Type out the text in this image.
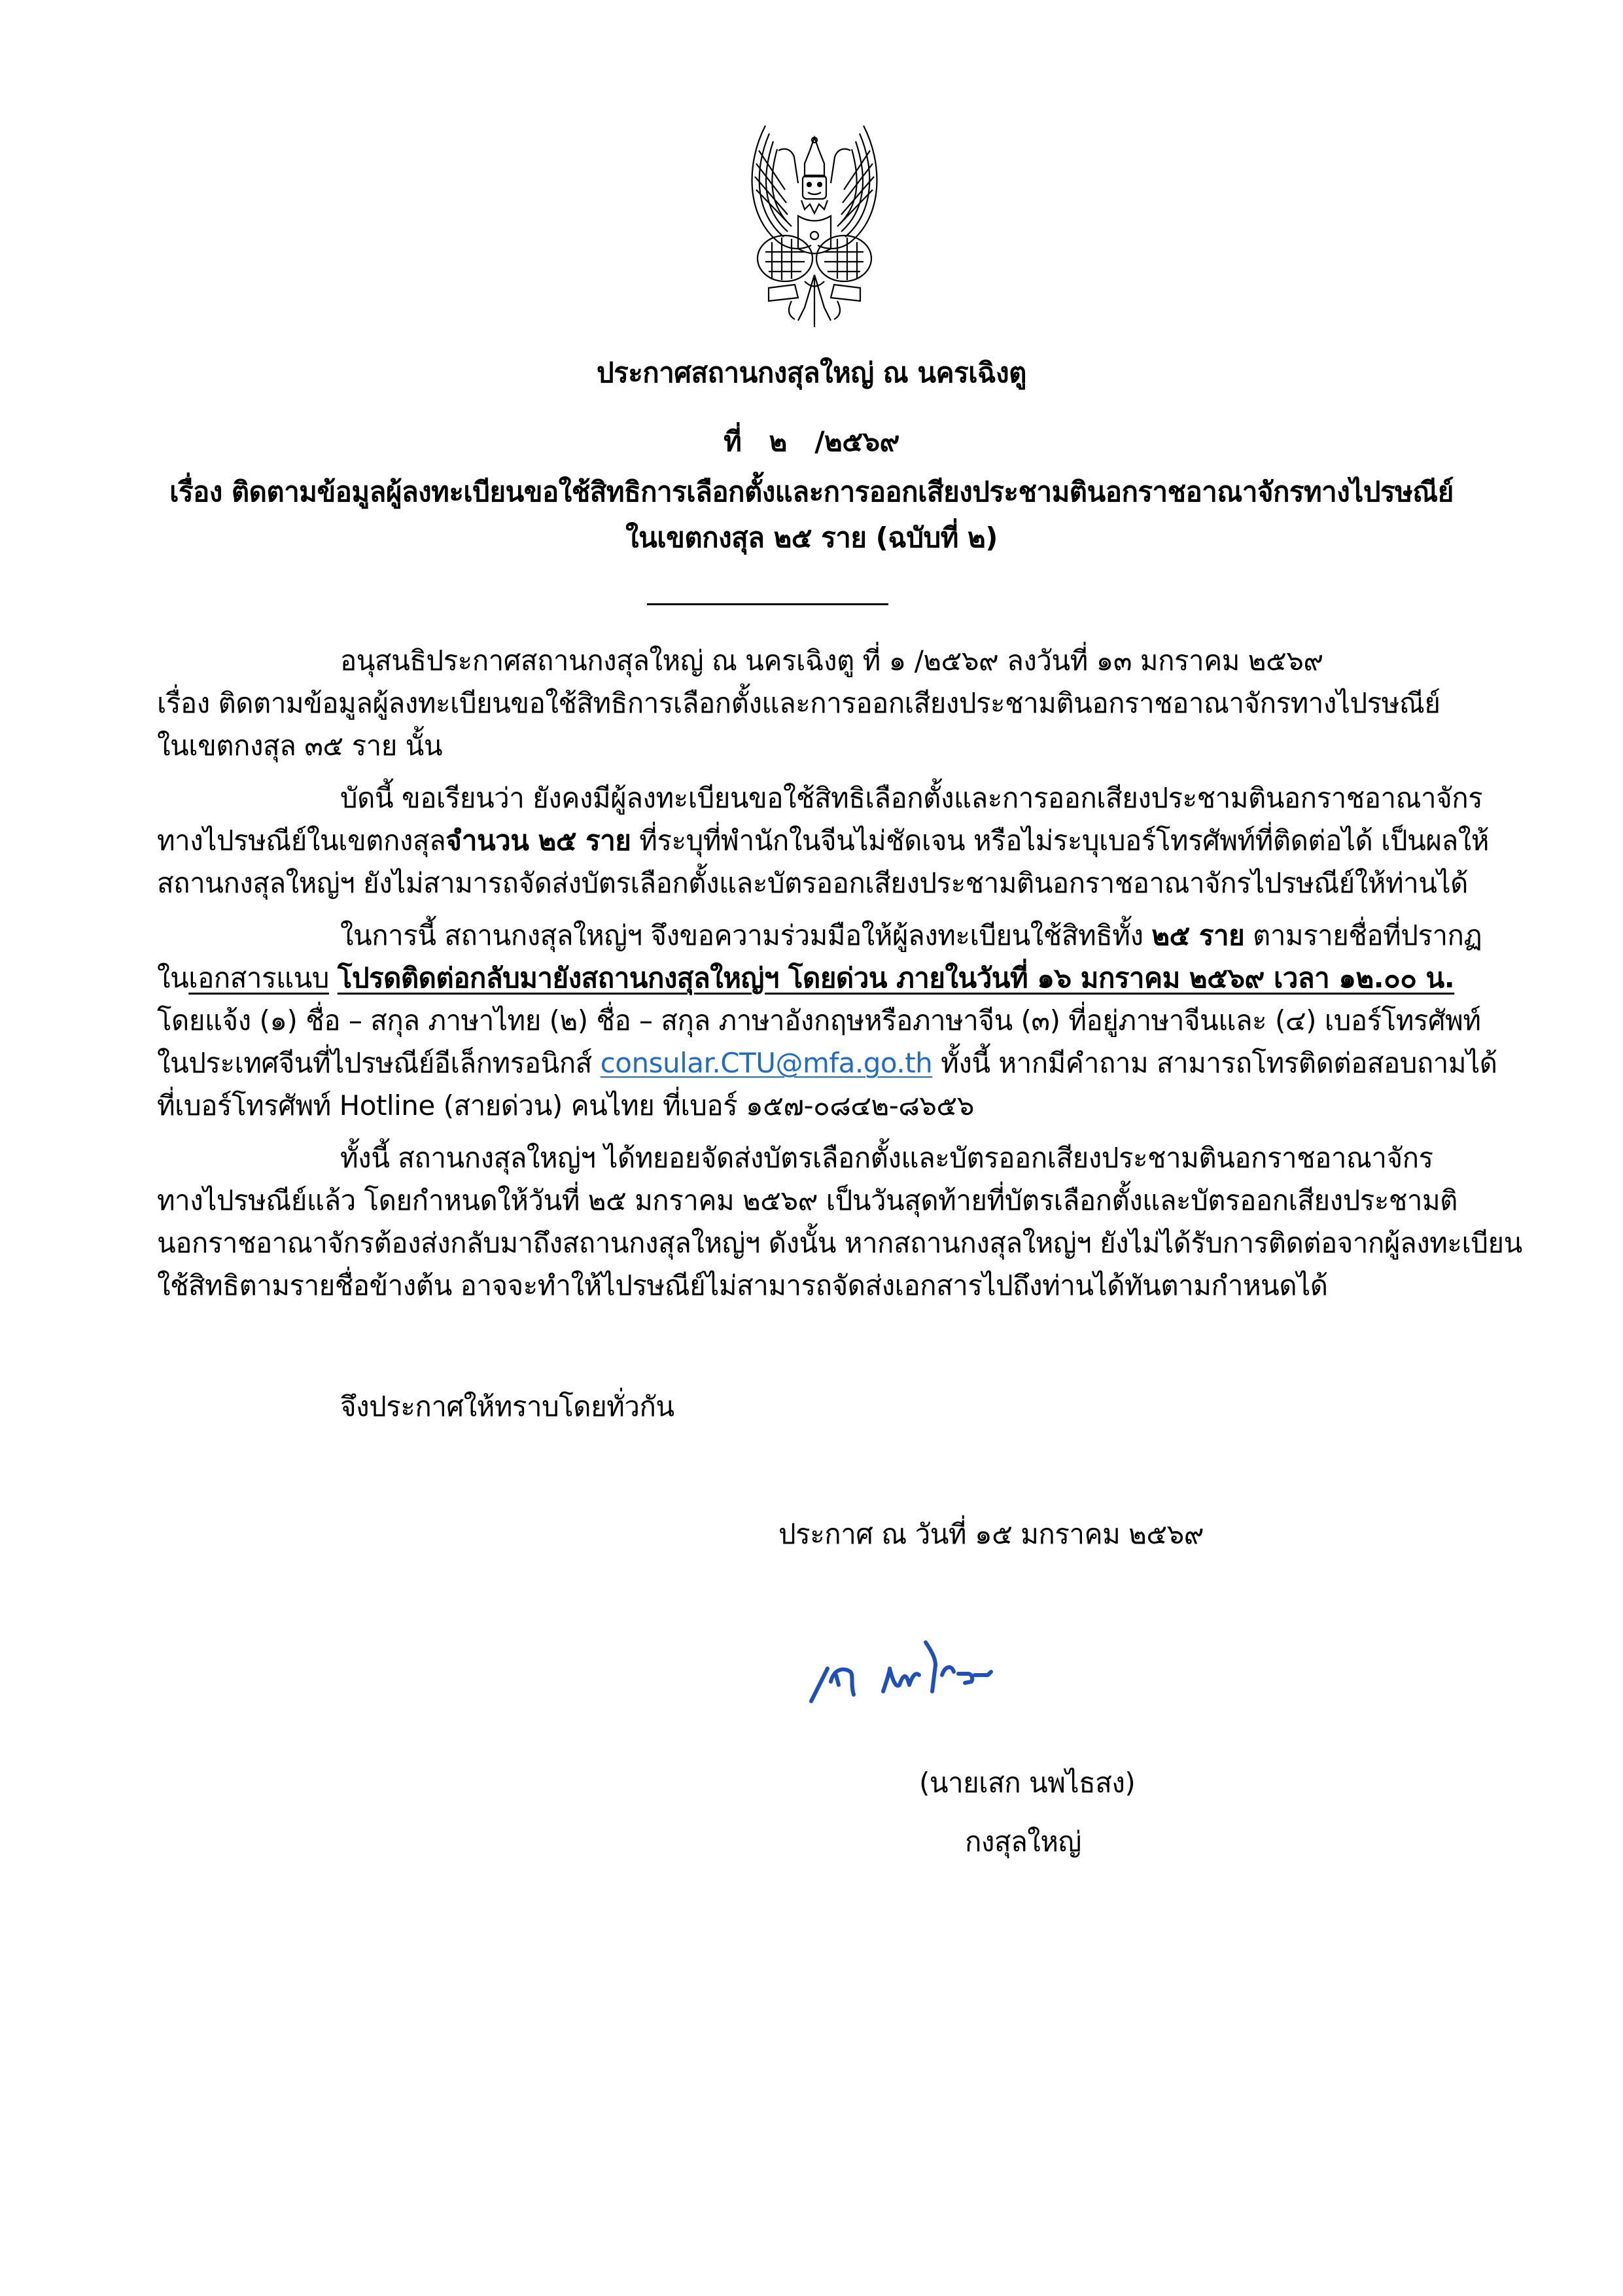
ประกาศสถานกงสุลใหญ่ ณ นครเฉิงตู
ที่ ๒ /๒๕๖๙
เรื่อง ติดตามข้อมูลผู้ลงทะเบียนขอใช้สิทธิการเลือกตั้งและการออกเสียงประชามตินอกราชอาณาจักรทางไปรษณีย์
ในเขตกงสุล ๒๕ ราย (ฉบับที่ ๒)
อนุสนธิประกาศสถานกงสุลใหญ่ ณ นครเฉิงตู ที่ ๑ /๒๕๖๙ ลงวันที่ ๑๓ มกราคม ๒๕๖๙
เรื่อง ติดตามข้อมูลผู้ลงทะเบียนขอใช้สิทธิการเลือกตั้งและการออกเสียงประชามตินอกราชอาณาจักรทางไปรษณีย์
ในเขตกงสุล ๓๕ ราย นั้น
บัดนี้ ขอเรียนว่า ยังคงมีผู้ลงทะเบียนขอใช้สิทธิเลือกตั้งและการออกเสียงประชามตินอกราชอาณาจักร
ทางไปรษณีย์ในเขตกงสุลจำนวน ๒๕ ราย ที่ระบุที่พำนักในจีนไม่ชัดเจน หรือไม่ระบุเบอร์โทรศัพท์ที่ติดต่อได้ เป็นผลให้
สถานกงสุลใหญ่ฯ ยังไม่สามารถจัดส่งบัตรเลือกตั้งและบัตรออกเสียงประชามตินอกราชอาณาจักรไปรษณีย์ให้ท่านได้
ในการนี้ สถานกงสุลใหญ่ฯ จึงขอความร่วมมือให้ผู้ลงทะเบียนใช้สิทธิทั้ง ๒๕ ราย ตามรายชื่อที่ปรากฏ
ในเอกสารแนบ โปรดติดต่อกลับมายังสถานกงสุลใหญ่ฯ โดยด่วน ภายในวันที่ ๑๖ มกราคม ๒๕๖๙ เวลา ๑๒.๐๐ น.
โดยแจ้ง (๑) ชื่อ – สกุล ภาษาไทย (๒) ชื่อ – สกุล ภาษาอังกฤษหรือภาษาจีน (๓) ที่อยู่ภาษาจีนและ (๔) เบอร์โทรศัพท์
ในประเทศจีนที่ไปรษณีย์อีเล็กทรอนิกส์ consular.CTU@mfa.go.th ทั้งนี้ หากมีคำถาม สามารถโทรติดต่อสอบถามได้
ที่เบอร์โทรศัพท์ Hotline (สายด่วน) คนไทย ที่เบอร์ ๑๕๗-๐๘๔๒-๘๖๕๖
ทั้งนี้ สถานกงสุลใหญ่ฯ ได้ทยอยจัดส่งบัตรเลือกตั้งและบัตรออกเสียงประชามตินอกราชอาณาจักร
ทางไปรษณีย์แล้ว โดยกำหนดให้วันที่ ๒๕ มกราคม ๒๕๖๙ เป็นวันสุดท้ายที่บัตรเลือกตั้งและบัตรออกเสียงประชามติ
นอกราชอาณาจักรต้องส่งกลับมาถึงสถานกงสุลใหญ่ฯ ดังนั้น หากสถานกงสุลใหญ่ฯ ยังไม่ได้รับการติดต่อจากผู้ลงทะเบียน
ใช้สิทธิตามรายชื่อข้างต้น อาจจะทำให้ไปรษณีย์ไม่สามารถจัดส่งเอกสารไปถึงท่านได้ทันตามกำหนดได้
จึงประกาศให้ทราบโดยทั่วกัน
ประกาศ ณ วันที่ ๑๕ มกราคม ๒๕๖๙
(นายเสก นพไธสง)
กงสุลใหญ่
